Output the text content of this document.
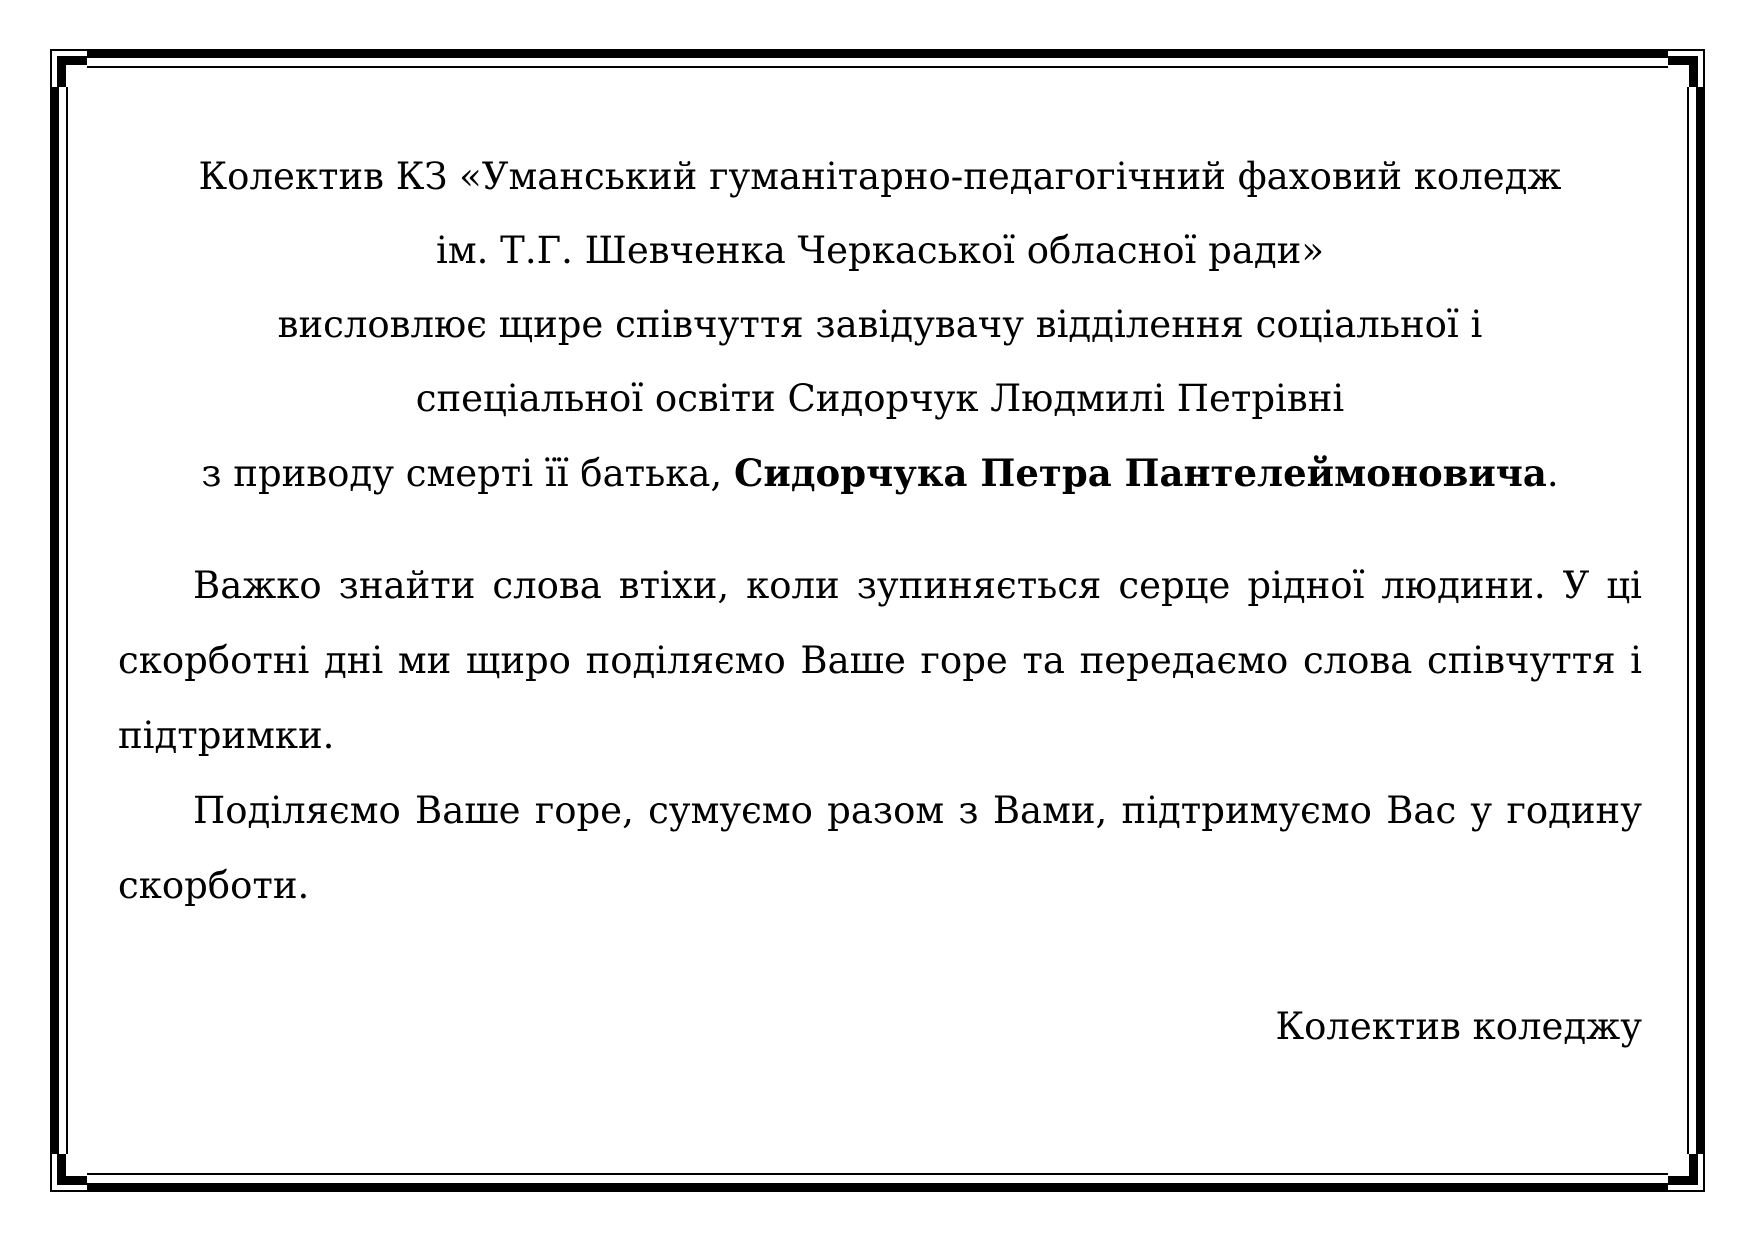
Колектив КЗ «Уманський гуманітарно-педагогічний фаховий коледж

ім. Т.Г. Шевченка Черкаської обласної ради»

висловлює щире співчуття завідувачу відділення соціальної і

спеціальної освіти Сидорчук Людмилі Петрівні

з приводу смерті її батька, Сидорчука Петра Пантелеймоновича.

Важко знайти слова втіхи, коли зупиняється серце рідної людини. У ці скорботні дні ми щиро поділяємо Ваше горе та передаємо слова співчуття і підтримки.

Поділяємо Ваше горе, сумуємо разом з Вами, підтримуємо Вас у годину скорботи.

Колектив коледжу
